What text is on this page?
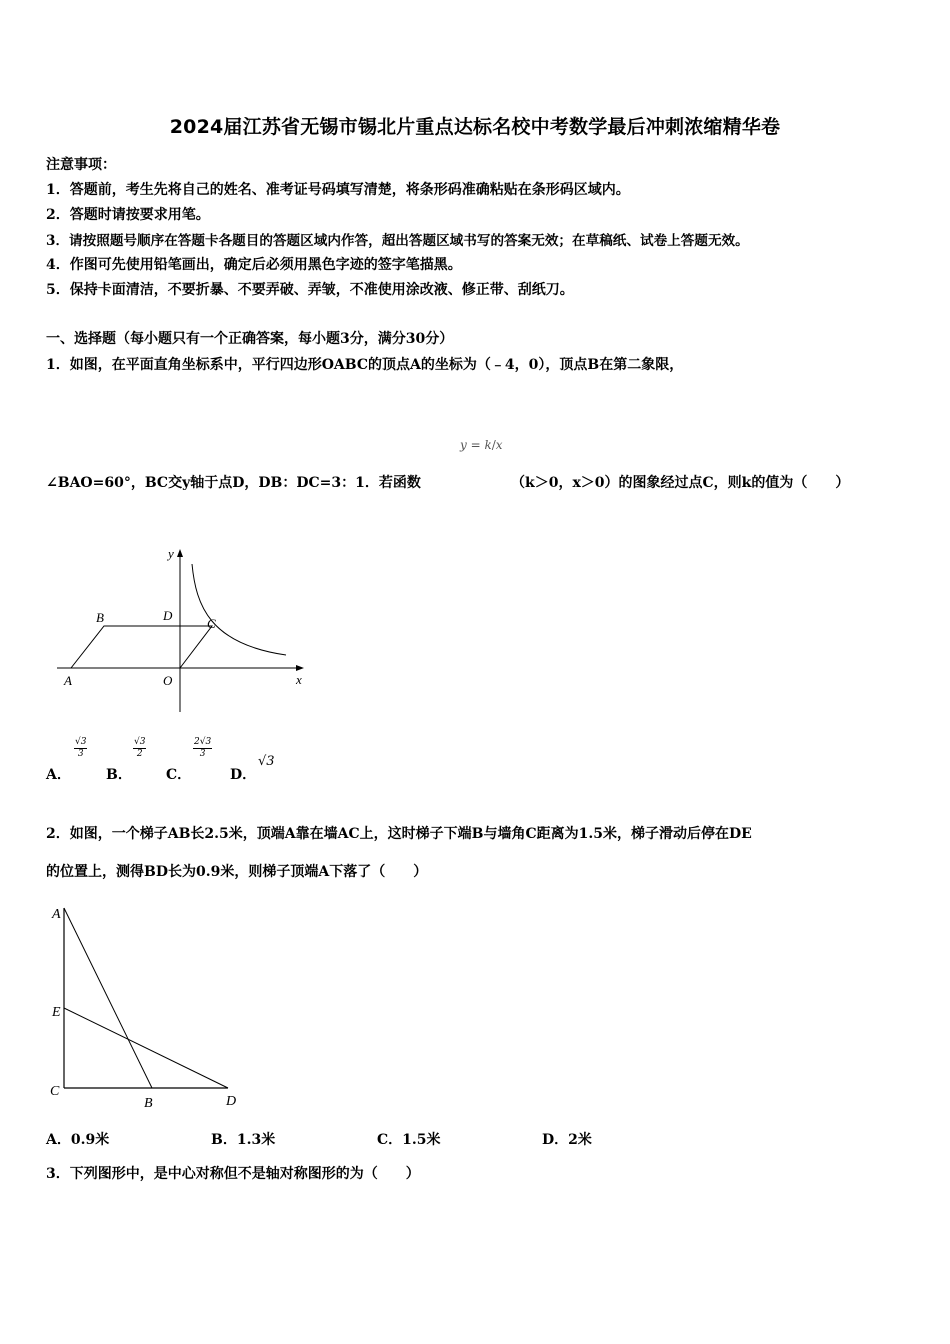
2024届江苏省无锡市锡北片重点达标名校中考数学最后冲刺浓缩精华卷
注意事项：
1．答题前，考生先将自己的姓名、准考证号码填写清楚，将条形码准确粘贴在条形码区域内。
2．答题时请按要求用笔。
3．请按照题号顺序在答题卡各题目的答题区域内作答，超出答题区域书写的答案无效；在草稿纸、试卷上答题无效。
4．作图可先使用铅笔画出，确定后必须用黑色字迹的签字笔描黑。
5．保持卡面清洁，不要折暴、不要弄破、弄皱，不准使用涂改液、修正带、刮纸刀。
一、选择题（每小题只有一个正确答案，每小题3分，满分30分）
1．如图，在平面直角坐标系中，平行四边形OABC的顶点A的坐标为（﹣4，0），顶点B在第二象限，
𝑦 = 𝑘/𝑥
∠BAO=60°，BC交y轴于点D，DB：DC=3：1．若函数	（k＞0，x＞0）的图象经过点C，则k的值为（　　）
y
x
B	D
C
A	O
A．
$\frac{√3}{3}$
B．
$\frac{√3}{2}$
C．
$\frac{2√3}{3}$
D．
√3
2．如图，一个梯子AB长2.5米，顶端A靠在墙AC上，这时梯子下端B与墙角C距离为1.5米，梯子滑动后停在DE
的位置上，测得BD长为0.9米，则梯子顶端A下落了（　　）
A
E
C
B	D
A．0.9米	B．1.3米	C．1.5米	D．2米
3．下列图形中，是中心对称但不是轴对称图形的为（　　）
